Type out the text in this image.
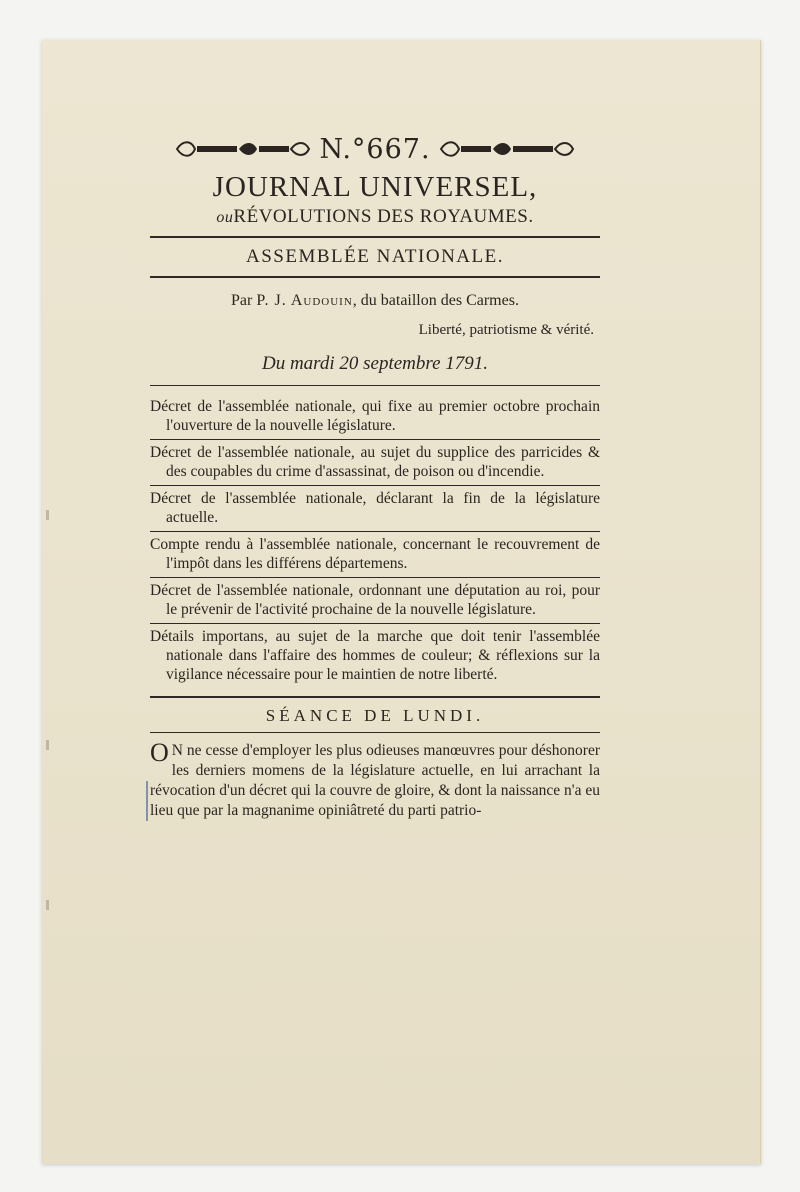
N.°667.
JOURNAL UNIVERSEL,
ouRÉVOLUTIONS DES ROYAUMES.
ASSEMBLÉE NATIONALE.
Par P. J. Audouin, du bataillon des Carmes.
Liberté, patriotisme & vérité.
Du mardi 20 septembre 1791.
Décret de l'assemblée nationale, qui fixe au premier octobre prochain l'ouverture de la nouvelle législature.
Décret de l'assemblée nationale, au sujet du supplice des parricides & des coupables du crime d'assassinat, de poison ou d'incendie.
Décret de l'assemblée nationale, déclarant la fin de la législature actuelle.
Compte rendu à l'assemblée nationale, concernant le recouvrement de l'impôt dans les différens départemens.
Décret de l'assemblée nationale, ordonnant une députation au roi, pour le prévenir de l'activité prochaine de la nouvelle législature.
Détails importans, au sujet de la marche que doit tenir l'assemblée nationale dans l'affaire des hommes de couleur; & réflexions sur la vigilance nécessaire pour le maintien de notre liberté.
SÉANCE DE LUNDI.
O N ne cesse d'employer les plus odieuses manœuvres pour déshonorer les derniers momens de la législature actuelle, en lui arrachant la révocation d'un décret qui la couvre de gloire, & dont la naissance n'a eu lieu que par la magnanime opiniâtreté du parti patrio-
